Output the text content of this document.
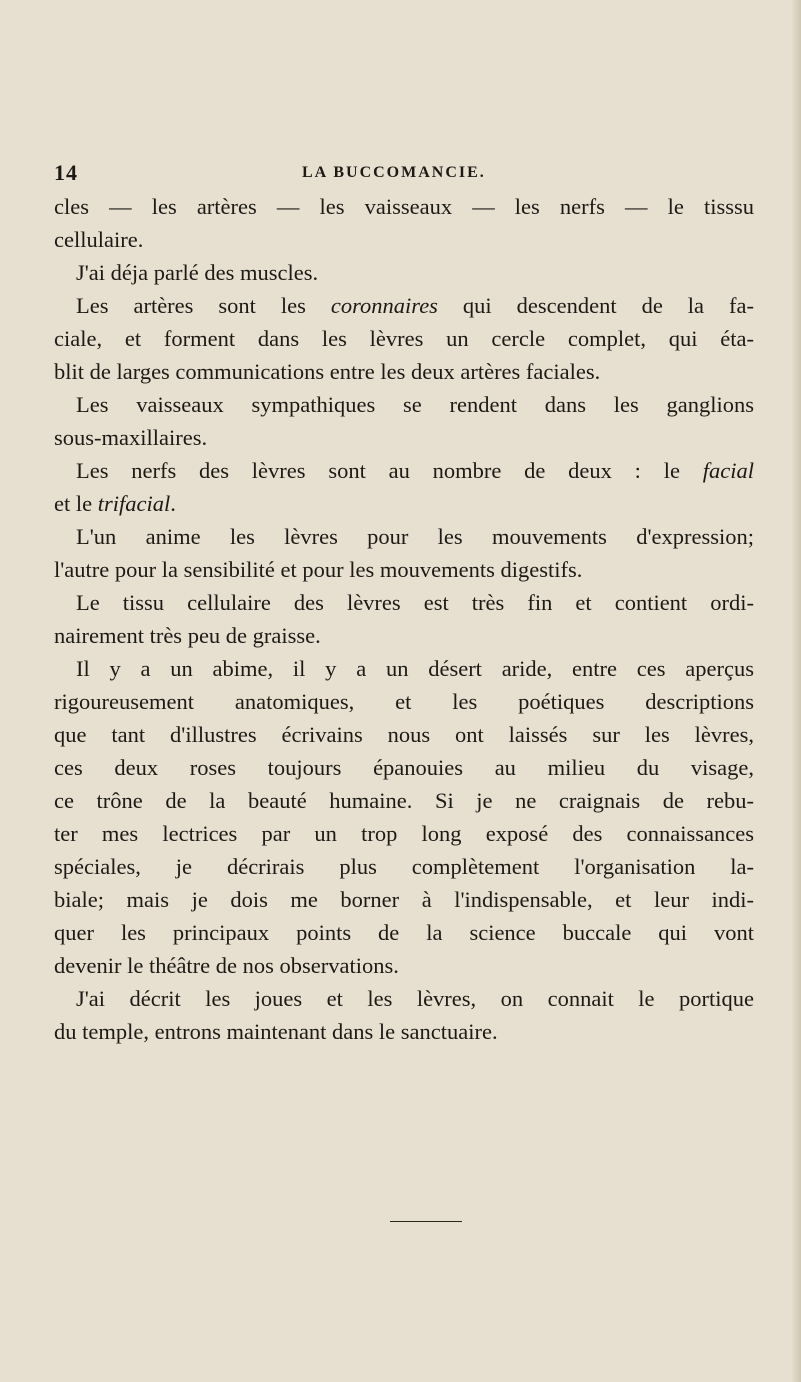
14	LA BUCCOMANCIE.
cles — les artères — les vaisseaux — les nerfs — le tisssu
cellulaire.
J'ai déja parlé des muscles.
Les artères sont les coronnaires qui descendent de la fa-
ciale, et forment dans les lèvres un cercle complet, qui éta-
blit de larges communications entre les deux artères faciales.
Les vaisseaux sympathiques se rendent dans les ganglions
sous-maxillaires.
Les nerfs des lèvres sont au nombre de deux : le facial
et le trifacial.
L'un anime les lèvres pour les mouvements d'expression;
l'autre pour la sensibilité et pour les mouvements digestifs.
Le tissu cellulaire des lèvres est très fin et contient ordi-
nairement très peu de graisse.
Il y a un abime, il y a un désert aride, entre ces aperçus
rigoureusement anatomiques, et les poétiques descriptions
que tant d'illustres écrivains nous ont laissés sur les lèvres,
ces deux roses toujours épanouies au milieu du visage,
ce trône de la beauté humaine. Si je ne craignais de rebu-
ter mes lectrices par un trop long exposé des connaissances
spéciales, je décrirais plus complètement l'organisation la-
biale; mais je dois me borner à l'indispensable, et leur indi-
quer les principaux points de la science buccale qui vont
devenir le théâtre de nos observations.
J'ai décrit les joues et les lèvres, on connait le portique
du temple, entrons maintenant dans le sanctuaire.
